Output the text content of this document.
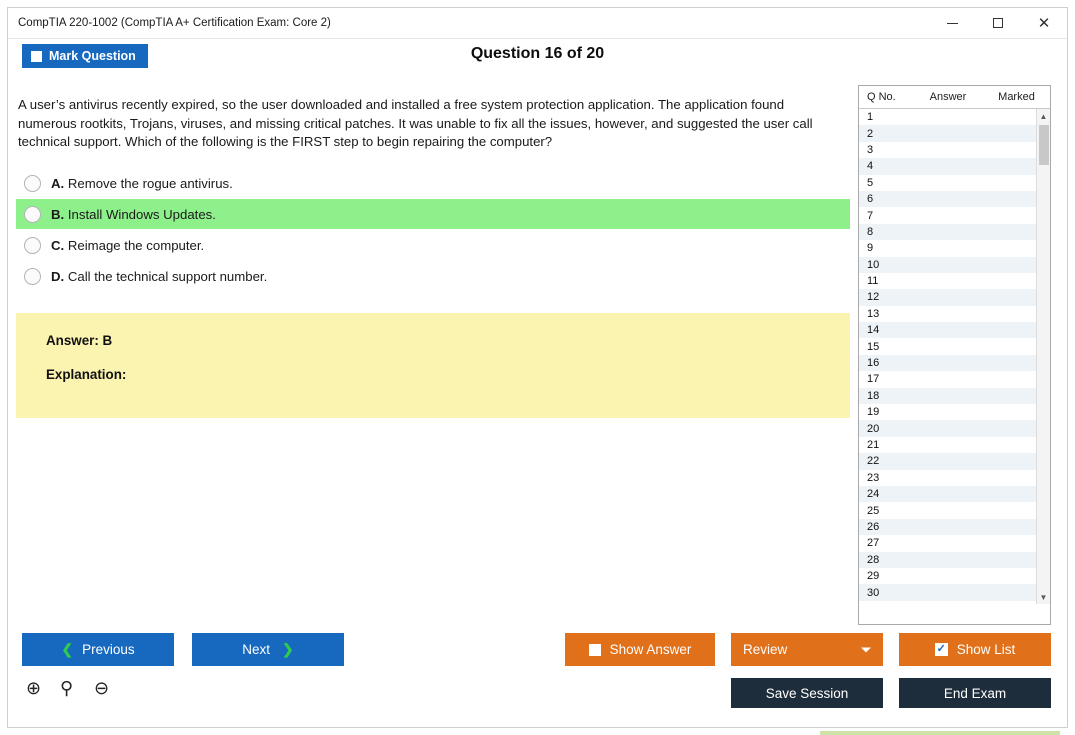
CompTIA 220-1002 (CompTIA A+ Certification Exam: Core 2)	✕
Mark Question	Question 16 of 20
A user’s antivirus recently expired, so the user downloaded and installed a free system protection application. The application found numerous rootkits, Trojans, viruses, and missing critical patches. It was unable to fix all the issues, however, and suggested the user call technical support. Which of the following is the FIRST step to begin repairing the computer?
A. Remove the rogue antivirus.
B. Install Windows Updates.
C. Reimage the computer.
D. Call the technical support number.
Answer: B
Explanation:
Q No.	Answer	Marked
1
2
3
4
5
6
7
8
9
10
11
12
13
14
15
16
17
18
19
20
21
22
23
24
25
26
27
28
29
30
▲
▼
❮ Previous	Next ❯	Show Answer	Review	✓ Show List
Save Session	End Exam
⊕ ⚲	⊖
